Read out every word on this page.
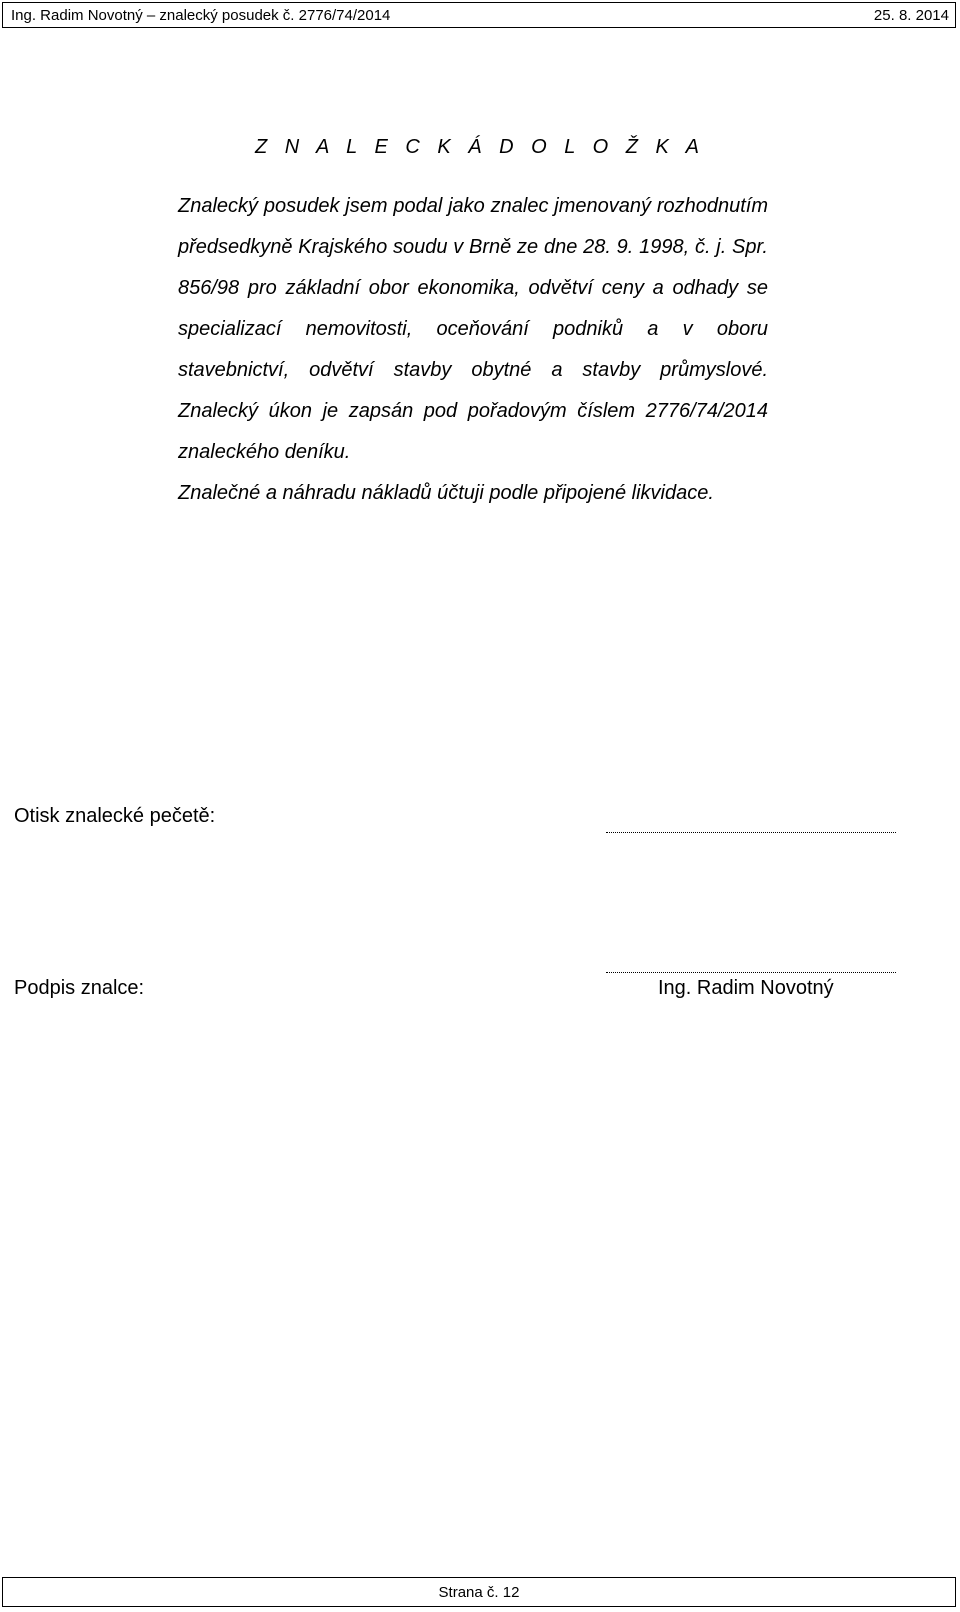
Ing. Radim Novotný – znalecký posudek č. 2776/74/2014	25. 8. 2014
Z N A L E C K Á D O L O Ž K A

Znalecký posudek jsem podal jako znalec jmenovaný rozhodnutím předsedkyně Krajského soudu v Brně ze dne 28. 9. 1998, č. j. Spr. 856/98 pro základní obor ekonomika, odvětví ceny a odhady se specializací nemovitosti, oceňování podniků a v oboru stavebnictví, odvětví stavby obytné a stavby průmyslové.

Znalecký úkon je zapsán pod pořadovým číslem 2776/74/2014 znaleckého deníku.

Znalečné a náhradu nákladů účtuji podle připojené likvidace.

Otisk znalecké pečetě:
Podpis znalce:	Ing. Radim Novotný
Strana č. 12
